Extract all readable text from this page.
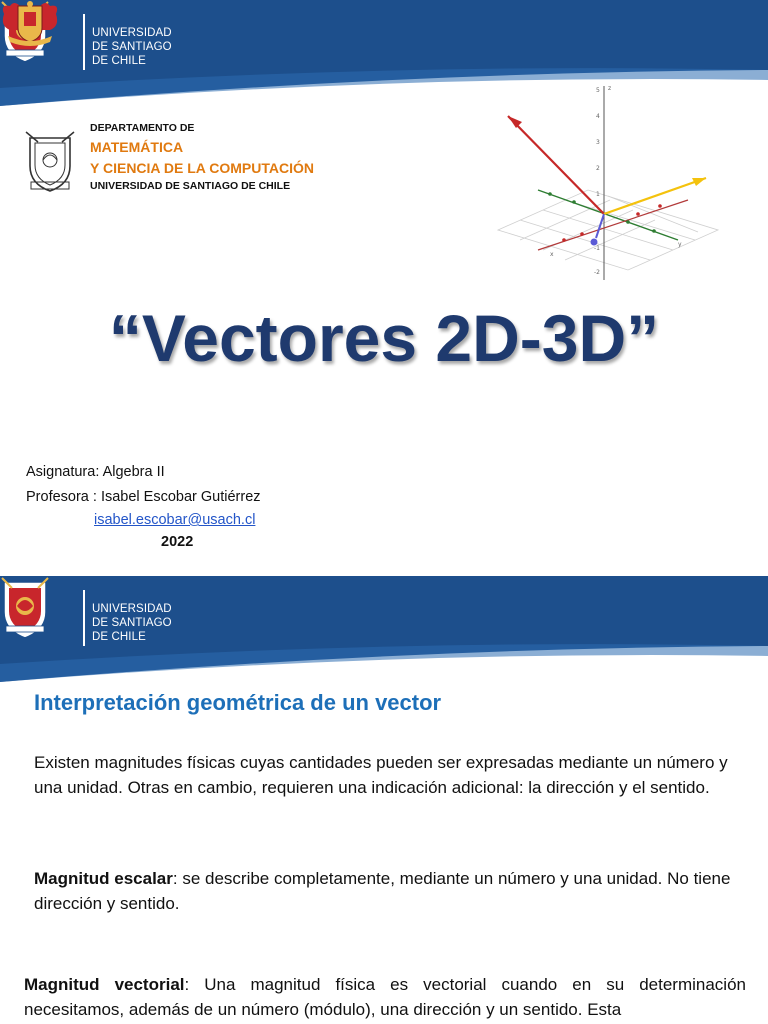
UNIVERSIDAD
DE SANTIAGO
DE CHILE
DEPARTAMENTO DE
MATEMÁTICA
Y CIENCIA DE LA COMPUTACIÓN
UNIVERSIDAD DE SANTIAGO DE CHILE
5
4
3
2
1
-1
-2
z
y
x
“Vectores 2D-3D”
Asignatura: Algebra II
Profesora : Isabel Escobar Gutiérrez
isabel.escobar@usach.cl
2022
UNIVERSIDAD
DE SANTIAGO
DE CHILE
Interpretación geométrica de un vector
Existen magnitudes físicas cuyas cantidades pueden ser expresadas mediante un número y una unidad. Otras en cambio, requieren una indicación adicional: la dirección y el sentido.
Magnitud escalar: se describe completamente, mediante un número y una unidad. No tiene dirección y sentido.
Magnitud vectorial: Una magnitud física es vectorial cuando en su determinación necesitamos, además de un número (módulo), una dirección y un sentido. Esta
